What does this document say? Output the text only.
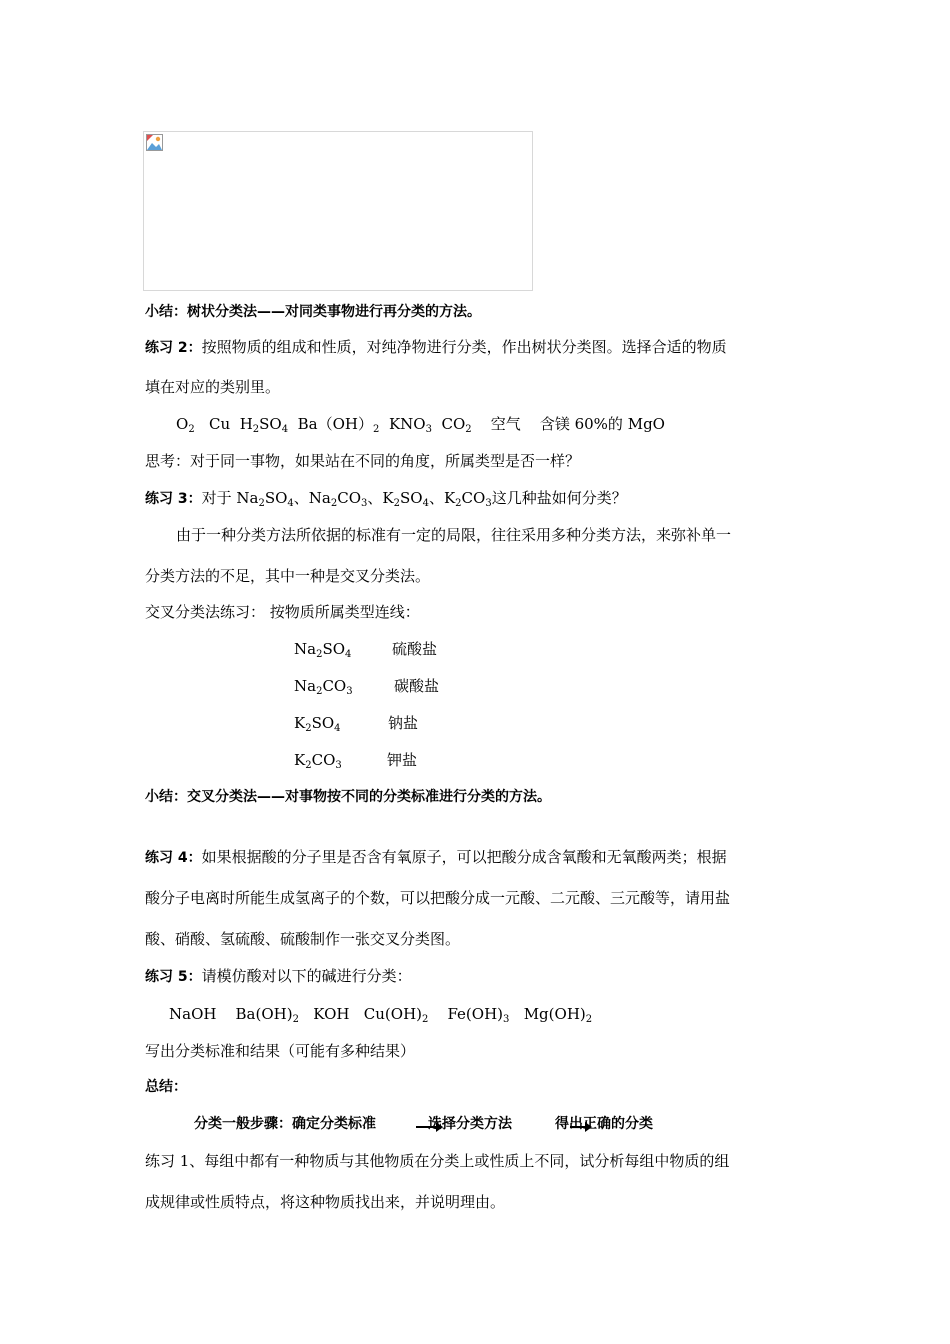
小结：树状分类法——对同类事物进行再分类的方法。
练习 2：按照物质的组成和性质，对纯净物进行分类，作出树状分类图。选择合适的物质
填在对应的类别里。
$O_2$ Cu $H_2SO_4$ $Ba(OH)_2$ $KNO_3$ $CO_2$ 空气 含镁 60%的 MgO
思考：对于同一事物，如果站在不同的角度，所属类型是否一样？
练习 3：对于 $Na_2SO_4$、$Na_2CO_3$、$K_2SO_4$、$K_2CO_3$这几种盐如何分类？
由于一种分类方法所依据的标准有一定的局限，往往采用多种分类方法，来弥补单一
分类方法的不足，其中一种是交叉分类法。
交叉分类法练习： 按物质所属类型连线：
$Na_2SO_4$	硫酸盐
$Na_2CO_3$	碳酸盐
$K_2SO_4$	钠盐
$K_2CO_3$	钾盐
小结：交叉分类法——对事物按不同的分类标准进行分类的方法。
练习 4：如果根据酸的分子里是否含有氧原子，可以把酸分成含氧酸和无氧酸两类；根据
酸分子电离时所能生成氢离子的个数，可以把酸分成一元酸、二元酸、三元酸等，请用盐
酸、硝酸、氢硫酸、硫酸制作一张交叉分类图。
练习 5：请模仿酸对以下的碱进行分类：
NaOH $Ba(OH)_2$ KOH $Cu(OH)_2$ $Fe(OH)_3$ $Mg(OH)_2$
写出分类标准和结果（可能有多种结果）
总结：
分类一般步骤：确定分类标准	选择分类方法	得出正确的分类
练习 1、每组中都有一种物质与其他物质在分类上或性质上不同，试分析每组中物质的组
成规律或性质特点，将这种物质找出来，并说明理由。
